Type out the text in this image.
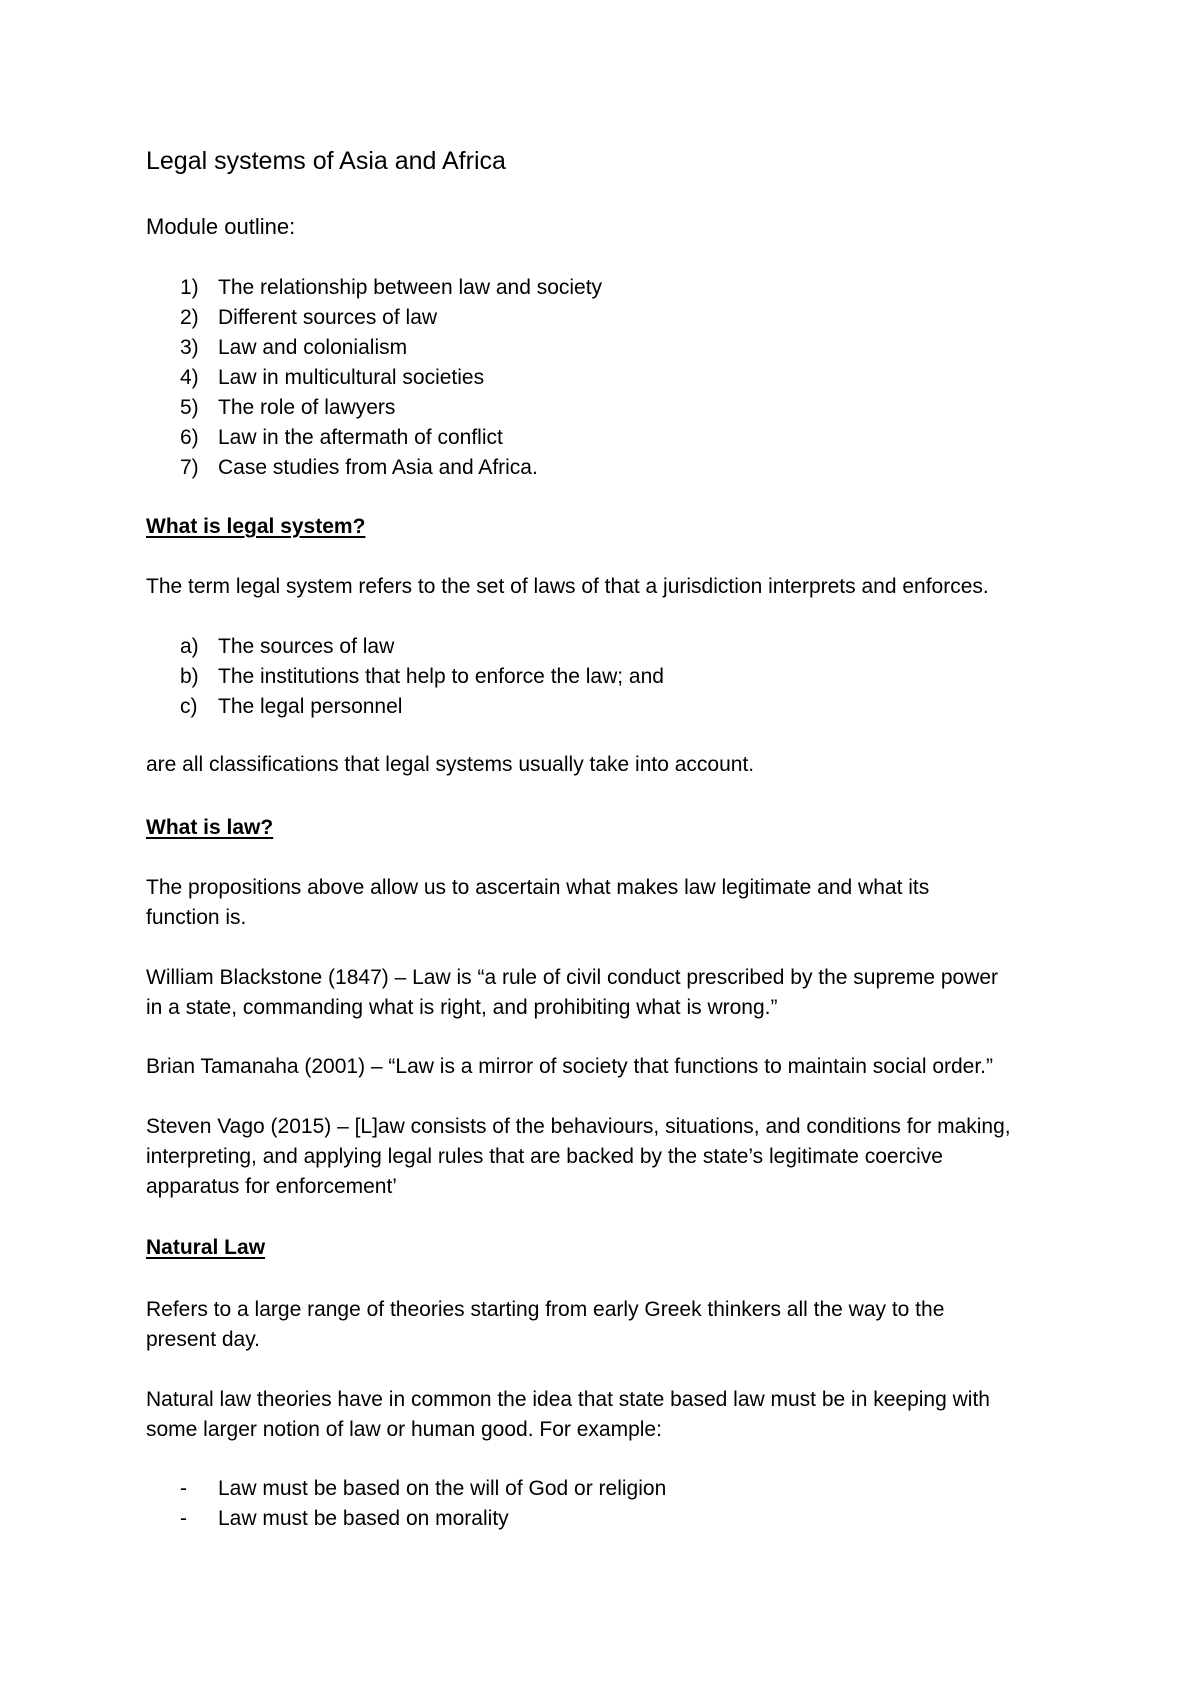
Legal systems of Asia and Africa
Module outline:
1) The relationship between law and society
2) Different sources of law
3) Law and colonialism
4) Law in multicultural societies
5) The role of lawyers
6) Law in the aftermath of conflict
7) Case studies from Asia and Africa.
What is legal system?
The term legal system refers to the set of laws of that a jurisdiction interprets and enforces.
a) The sources of law
b) The institutions that help to enforce the law; and
c) The legal personnel
are all classifications that legal systems usually take into account.
What is law?
The propositions above allow us to ascertain what makes law legitimate and what its
function is.
William Blackstone (1847) – Law is “a rule of civil conduct prescribed by the supreme power
in a state, commanding what is right, and prohibiting what is wrong.”
Brian Tamanaha (2001) – “Law is a mirror of society that functions to maintain social order.”
Steven Vago (2015) – [L]aw consists of the behaviours, situations, and conditions for making,
interpreting, and applying legal rules that are backed by the state’s legitimate coercive
apparatus for enforcement’
Natural Law
Refers to a large range of theories starting from early Greek thinkers all the way to the
present day.
Natural law theories have in common the idea that state based law must be in keeping with
some larger notion of law or human good. For example:
- Law must be based on the will of God or religion
- Law must be based on morality
